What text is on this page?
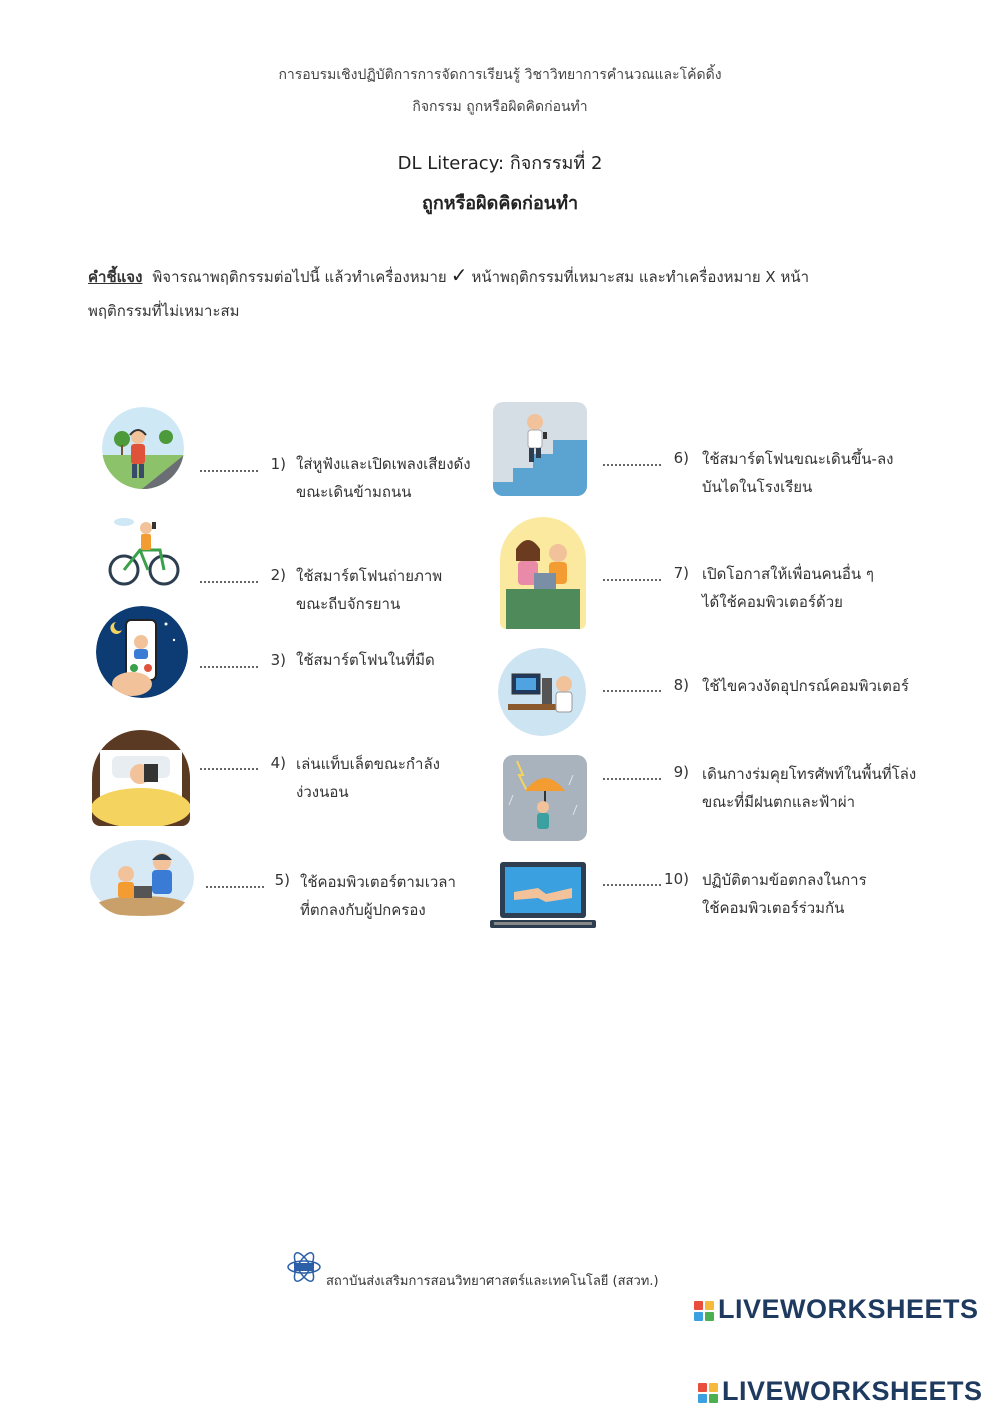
การอบรมเชิงปฏิบัติการการจัดการเรียนรู้ วิชาวิทยาการคำนวณและโค้ดดิ้ง
กิจกรรม ถูกหรือผิดคิดก่อนทำ
DL Literacy: กิจกรรมที่ 2
ถูกหรือผิดคิดก่อนทำ
คำชี้แจง พิจารณาพฤติกรรมต่อไปนี้ แล้วทำเครื่องหมาย ✓ หน้าพฤติกรรมที่เหมาะสม และทำเครื่องหมาย X หน้า
พฤติกรรมที่ไม่เหมาะสม
1) ใส่หูฟังและเปิดเพลงเสียงดัง
ขณะเดินข้ามถนน
2) ใช้สมาร์ตโฟนถ่ายภาพ
ขณะถีบจักรยาน
3) ใช้สมาร์ตโฟนในที่มืด
4) เล่นแท็บเล็ตขณะกำลัง
ง่วงนอน
5) ใช้คอมพิวเตอร์ตามเวลา
ที่ตกลงกับผู้ปกครอง
6) ใช้สมาร์ตโฟนขณะเดินขึ้น-ลง
บันไดในโรงเรียน
7) เปิดโอกาสให้เพื่อนคนอื่น ๆ
ได้ใช้คอมพิวเตอร์ด้วย
8) ใช้ไขควงงัดอุปกรณ์คอมพิวเตอร์
9) เดินกางร่มคุยโทรศัพท์ในพื้นที่โล่ง
ขณะที่มีฝนตกและฟ้าผ่า
10) ปฏิบัติตามข้อตกลงในการ
ใช้คอมพิวเตอร์ร่วมกัน
สถาบันส่งเสริมการสอนวิทยาศาสตร์และเทคโนโลยี (สสวท.)
LIVEWORKSHEETS
LIVEWORKSHEETS
